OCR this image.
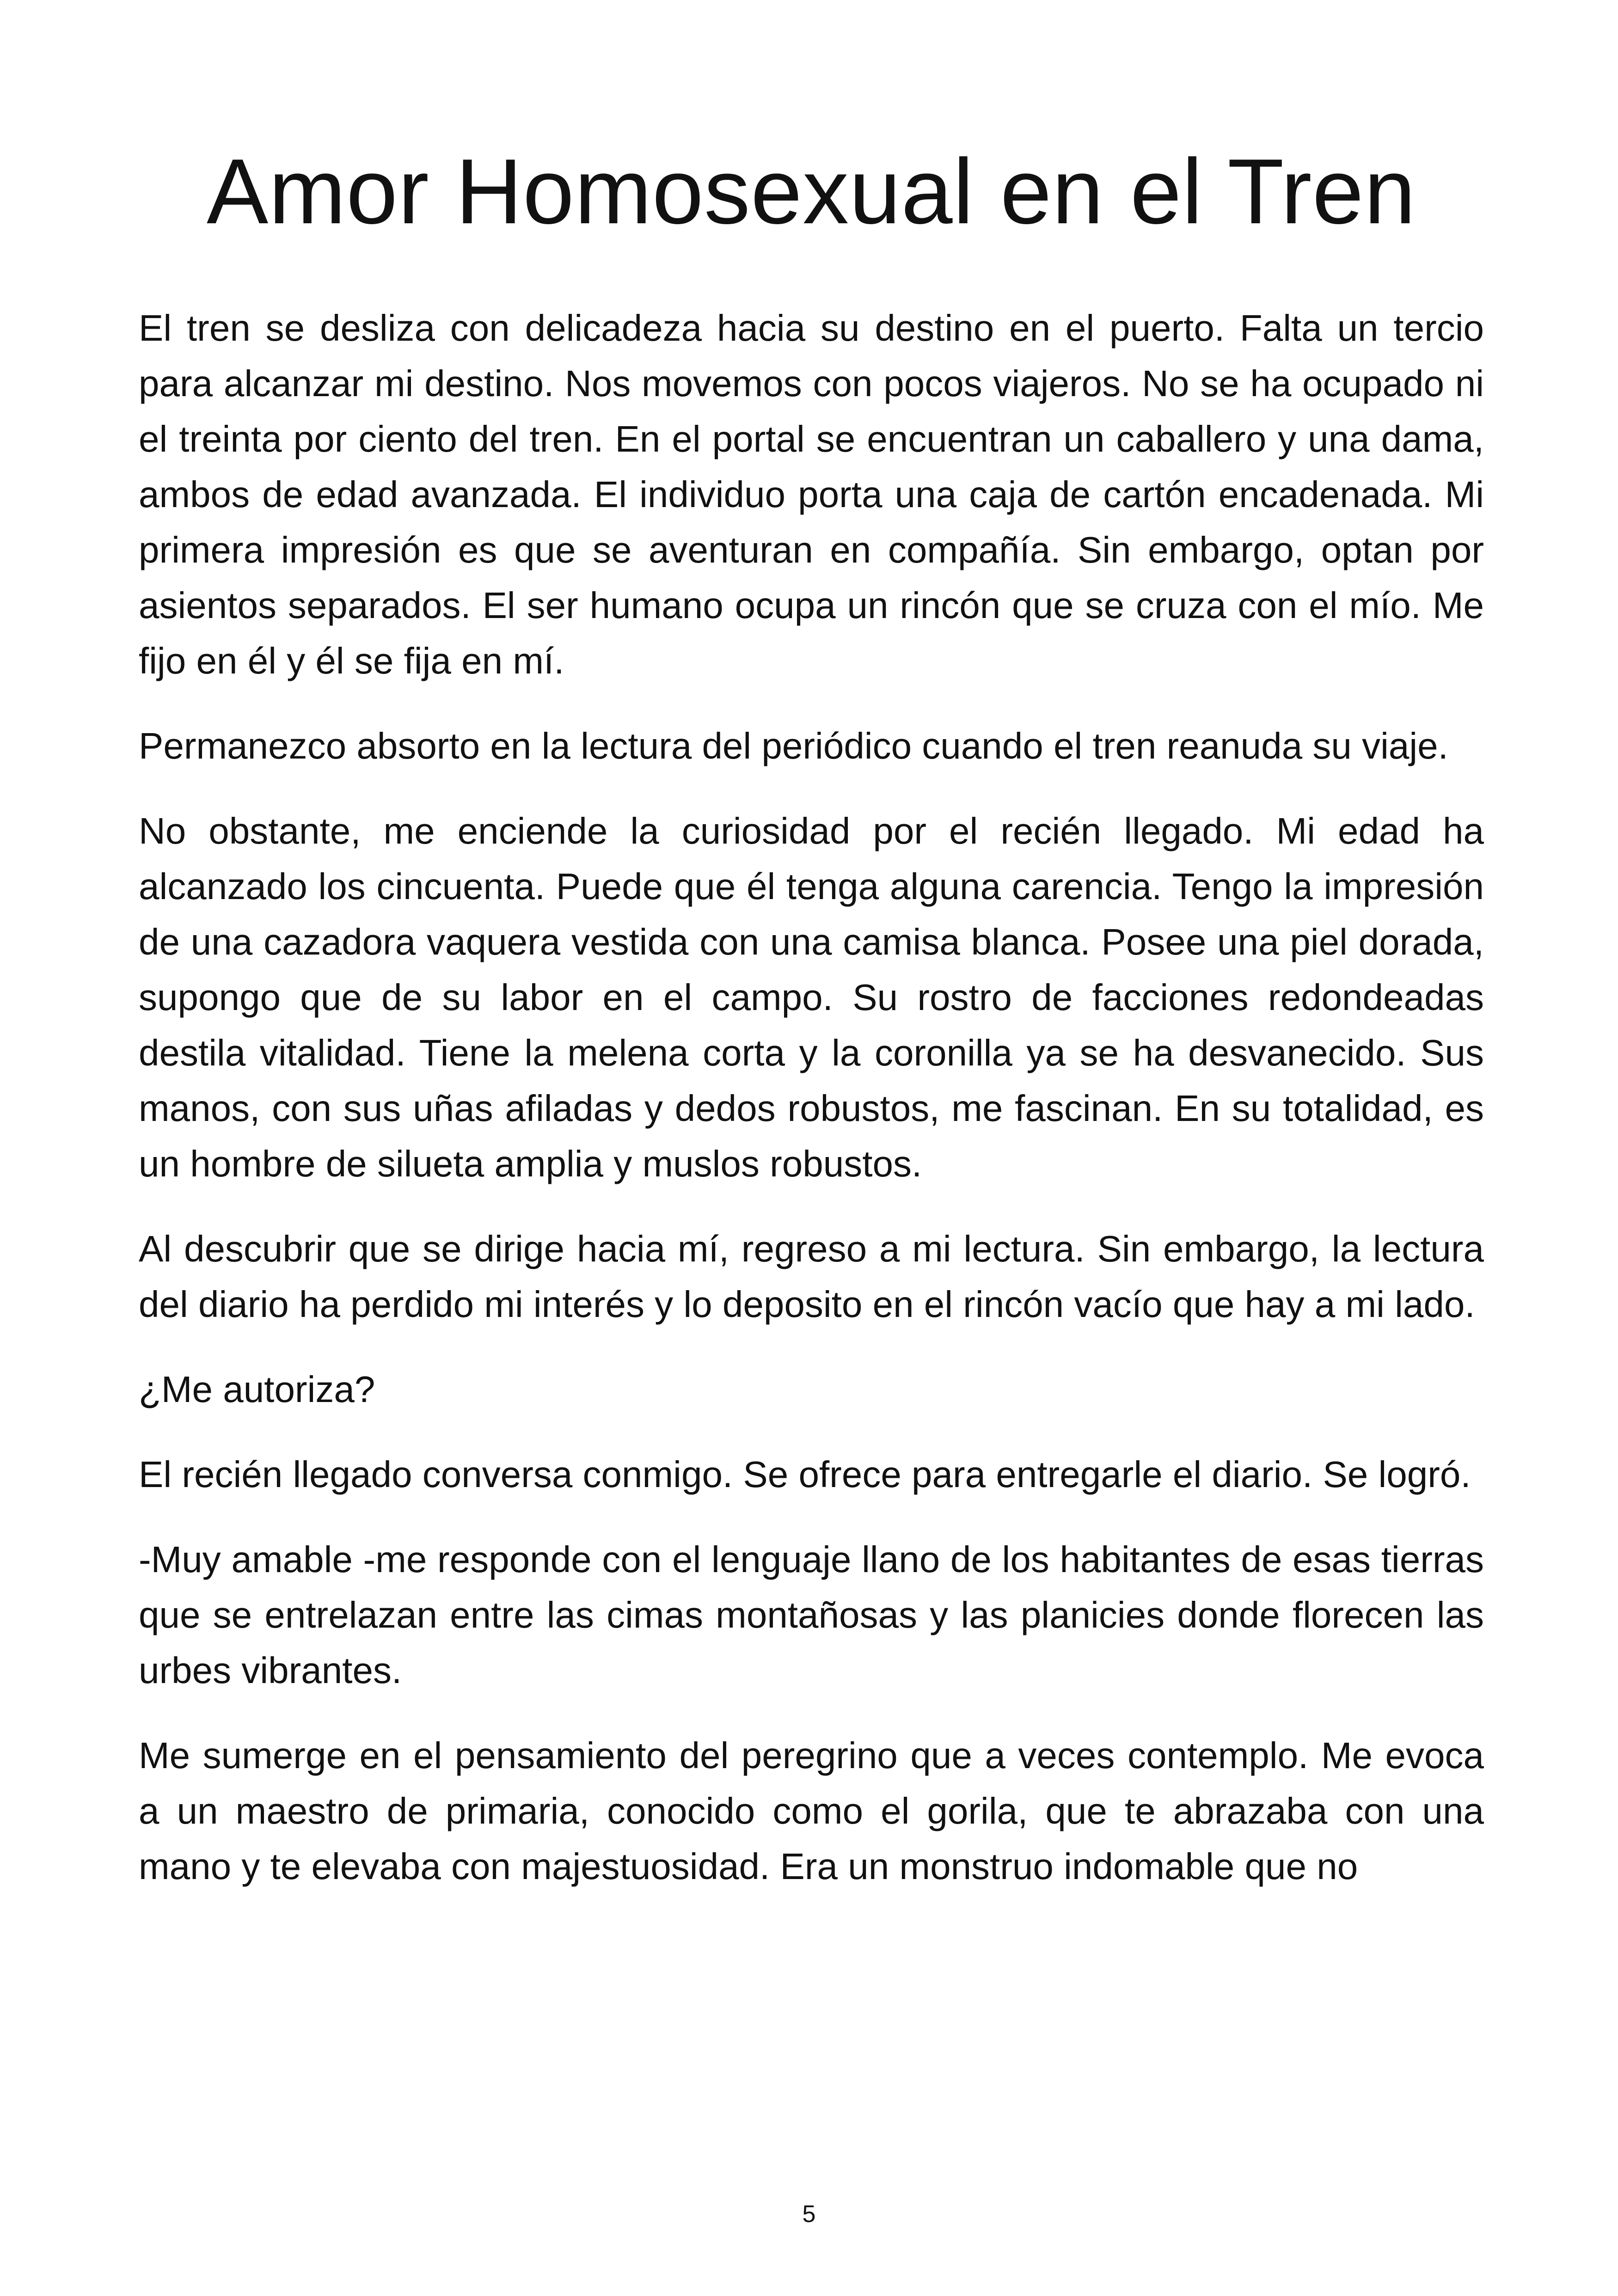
Amor Homosexual en el Tren

El tren se desliza con delicadeza hacia su destino en el puerto. Falta un tercio para alcanzar mi destino. Nos movemos con pocos viajeros. No se ha ocupado ni el treinta por ciento del tren. En el portal se encuentran un caballero y una dama, ambos de edad avanzada. El individuo porta una caja de cartón encadenada. Mi primera impresión es que se aventuran en compañía. Sin embargo, optan por asientos separados. El ser humano ocupa un rincón que se cruza con el mío. Me fijo en él y él se fija en mí.

Permanezco absorto en la lectura del periódico cuando el tren reanuda su viaje.

No obstante, me enciende la curiosidad por el recién llegado. Mi edad ha alcanzado los cincuenta. Puede que él tenga alguna carencia. Tengo la impresión de una cazadora vaquera vestida con una camisa blanca. Posee una piel dorada, supongo que de su labor en el campo. Su rostro de facciones redondeadas destila vitalidad. Tiene la melena corta y la coronilla ya se ha desvanecido. Sus manos, con sus uñas afiladas y dedos robustos, me fascinan. En su totalidad, es un hombre de silueta amplia y muslos robustos.

Al descubrir que se dirige hacia mí, regreso a mi lectura. Sin embargo, la lectura del diario ha perdido mi interés y lo deposito en el rincón vacío que hay a mi lado.

¿Me autoriza?

El recién llegado conversa conmigo. Se ofrece para entregarle el diario. Se logró.

-Muy amable -me responde con el lenguaje llano de los habitantes de esas tierras que se entrelazan entre las cimas montañosas y las planicies donde florecen las urbes vibrantes.

Me sumerge en el pensamiento del peregrino que a veces contemplo. Me evoca a un maestro de primaria, conocido como el gorila, que te abrazaba con una mano y te elevaba con majestuosidad. Era un monstruo indomable que no

5
